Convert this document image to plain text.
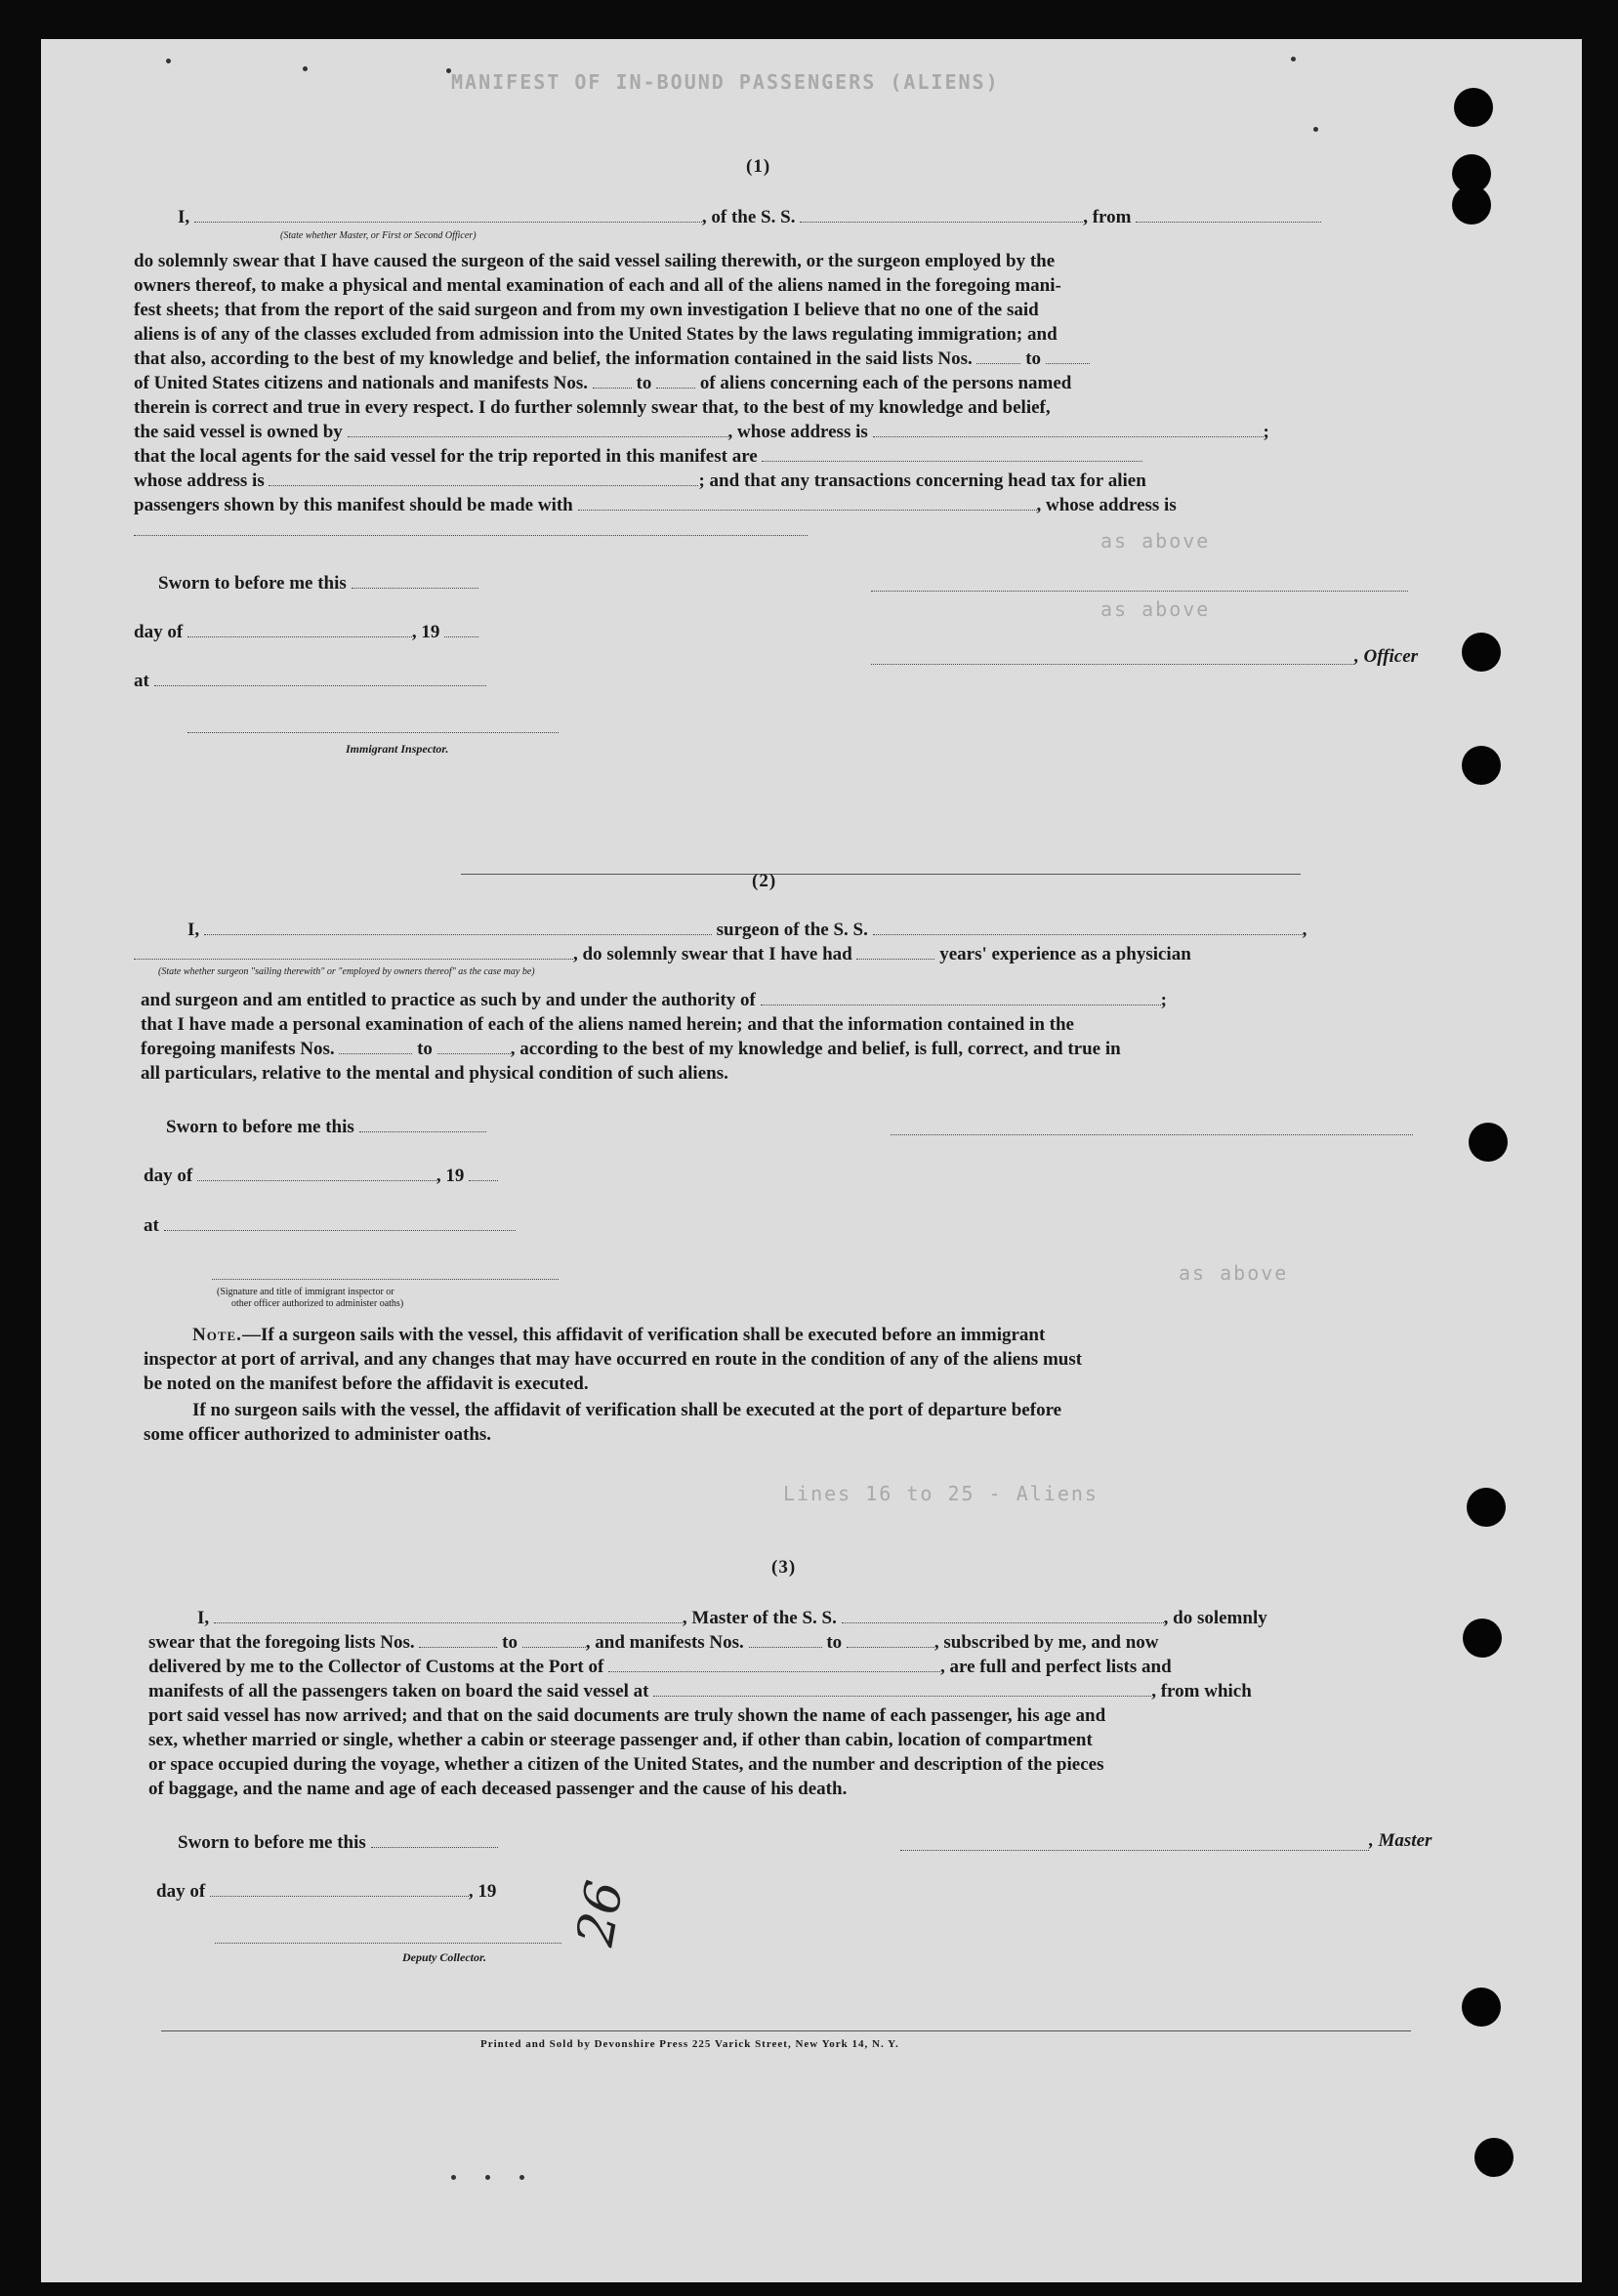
MANIFEST OF IN-BOUND PASSENGERS (ALIENS)
as above
as above
Lines 16 to 25 - Aliens
as above
(1)
I,	, of the S. S.	, from
(State whether Master, or First or Second Officer)
do solemnly swear that I have caused the surgeon of the said vessel sailing therewith, or the surgeon employed by the
owners thereof, to make a physical and mental examination of each and all of the aliens named in the foregoing mani-
fest sheets; that from the report of the said surgeon and from my own investigation I believe that no one of the said
aliens is of any of the classes excluded from admission into the United States by the laws regulating immigration; and
that also, according to the best of my knowledge and belief, the information contained in the said lists Nos.	to
of United States citizens and nationals and manifests Nos.	to	of aliens concerning each of the persons named
therein is correct and true in every respect. I do further solemnly swear that, to the best of my knowledge and belief,
the said vessel is owned by	, whose address is	;
that the local agents for the said vessel for the trip reported in this manifest are
whose address is	; and that any transactions concerning head tax for alien
passengers shown by this manifest should be made with	, whose address is
Sworn to before me this
day of	, 19
, Officer
at
Immigrant Inspector.
(2)
I,	surgeon of the S. S.	,
, do solemnly swear that I have had	years' experience as a physician
(State whether surgeon "sailing therewith" or "employed by owners thereof" as the case may be)
and surgeon and am entitled to practice as such by and under the authority of	;
that I have made a personal examination of each of the aliens named herein; and that the information contained in the
foregoing manifests Nos.	to	, according to the best of my knowledge and belief, is full, correct, and true in
all particulars, relative to the mental and physical condition of such aliens.
Sworn to before me this
day of	, 19
at
(Signature and title of immigrant inspector or
other officer authorized to administer oaths)
Note.—If a surgeon sails with the vessel, this affidavit of verification shall be executed before an immigrant
inspector at port of arrival, and any changes that may have occurred en route in the condition of any of the aliens must
be noted on the manifest before the affidavit is executed.
If no surgeon sails with the vessel, the affidavit of verification shall be executed at the port of departure before
some officer authorized to administer oaths.
(3)
I,	, Master of the S. S.	, do solemnly
swear that the foregoing lists Nos.	to	, and manifests Nos.	to	, subscribed by me, and now
delivered by me to the Collector of Customs at the Port of	, are full and perfect lists and
manifests of all the passengers taken on board the said vessel at	, from which
port said vessel has now arrived; and that on the said documents are truly shown the name of each passenger, his age and
sex, whether married or single, whether a cabin or steerage passenger and, if other than cabin, location of compartment
or space occupied during the voyage, whether a citizen of the United States, and the number and description of the pieces
of baggage, and the name and age of each deceased passenger and the cause of his death.
Sworn to before me this	, Master
day of	, 19
Deputy Collector.
26
Printed and Sold by Devonshire Press 225 Varick Street, New York 14, N. Y.
